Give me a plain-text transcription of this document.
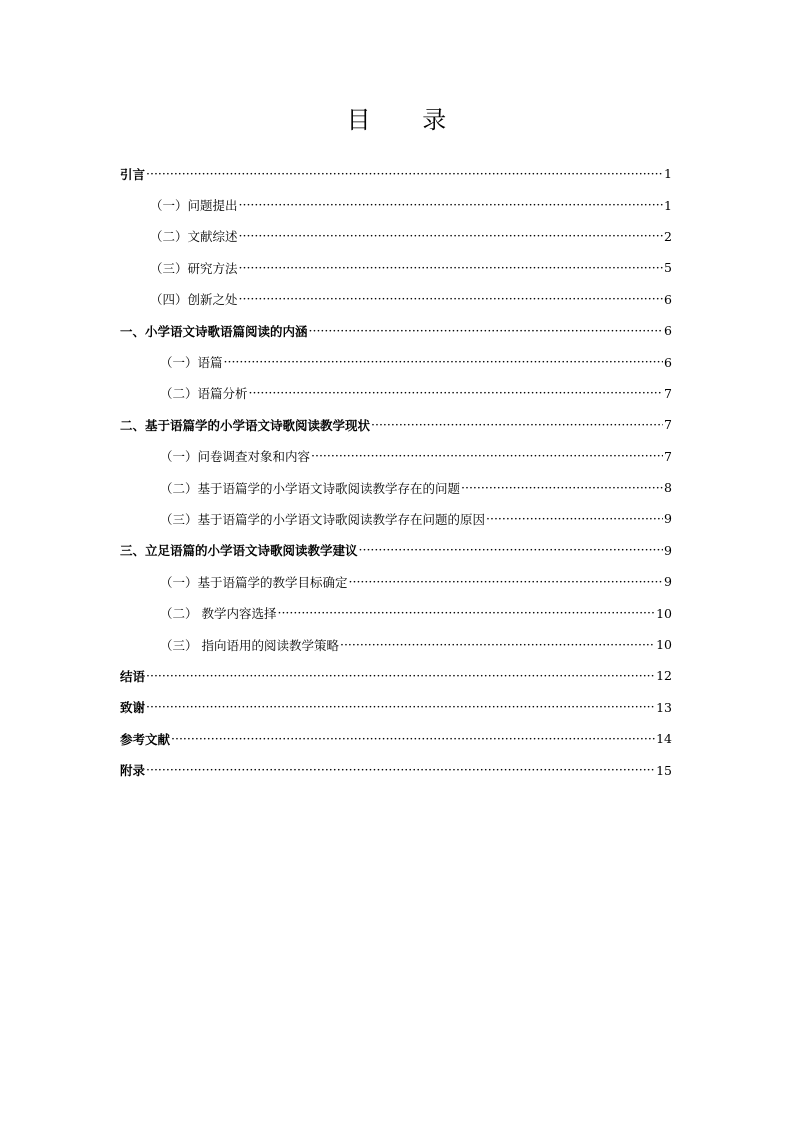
目 录
引言 ·····	1
（一）问题提出 ·····	1
（二）文献综述 ·····	2
（三）研究方法 ·····	5
（四）创新之处 ·····	6
一、小学语文诗歌语篇阅读的内涵 ·····	6
（一）语篇 ·····	6
（二）语篇分析 ·····	7
二、基于语篇学的小学语文诗歌阅读教学现状 ·····	7
（一）问卷调查对象和内容 ·····	7
（二）基于语篇学的小学语文诗歌阅读教学存在的问题 ·····	8
（三）基于语篇学的小学语文诗歌阅读教学存在问题的原因 ·····	9
三、立足语篇的小学语文诗歌阅读教学建议 ·····	9
（一）基于语篇学的教学目标确定 ·····	9
（二） 教学内容选择 ·····	10
（三） 指向语用的阅读教学策略 ·····	10
结语 ·····	12
致谢 ·····	13
参考文献 ·····	14
附录 ·····	15
